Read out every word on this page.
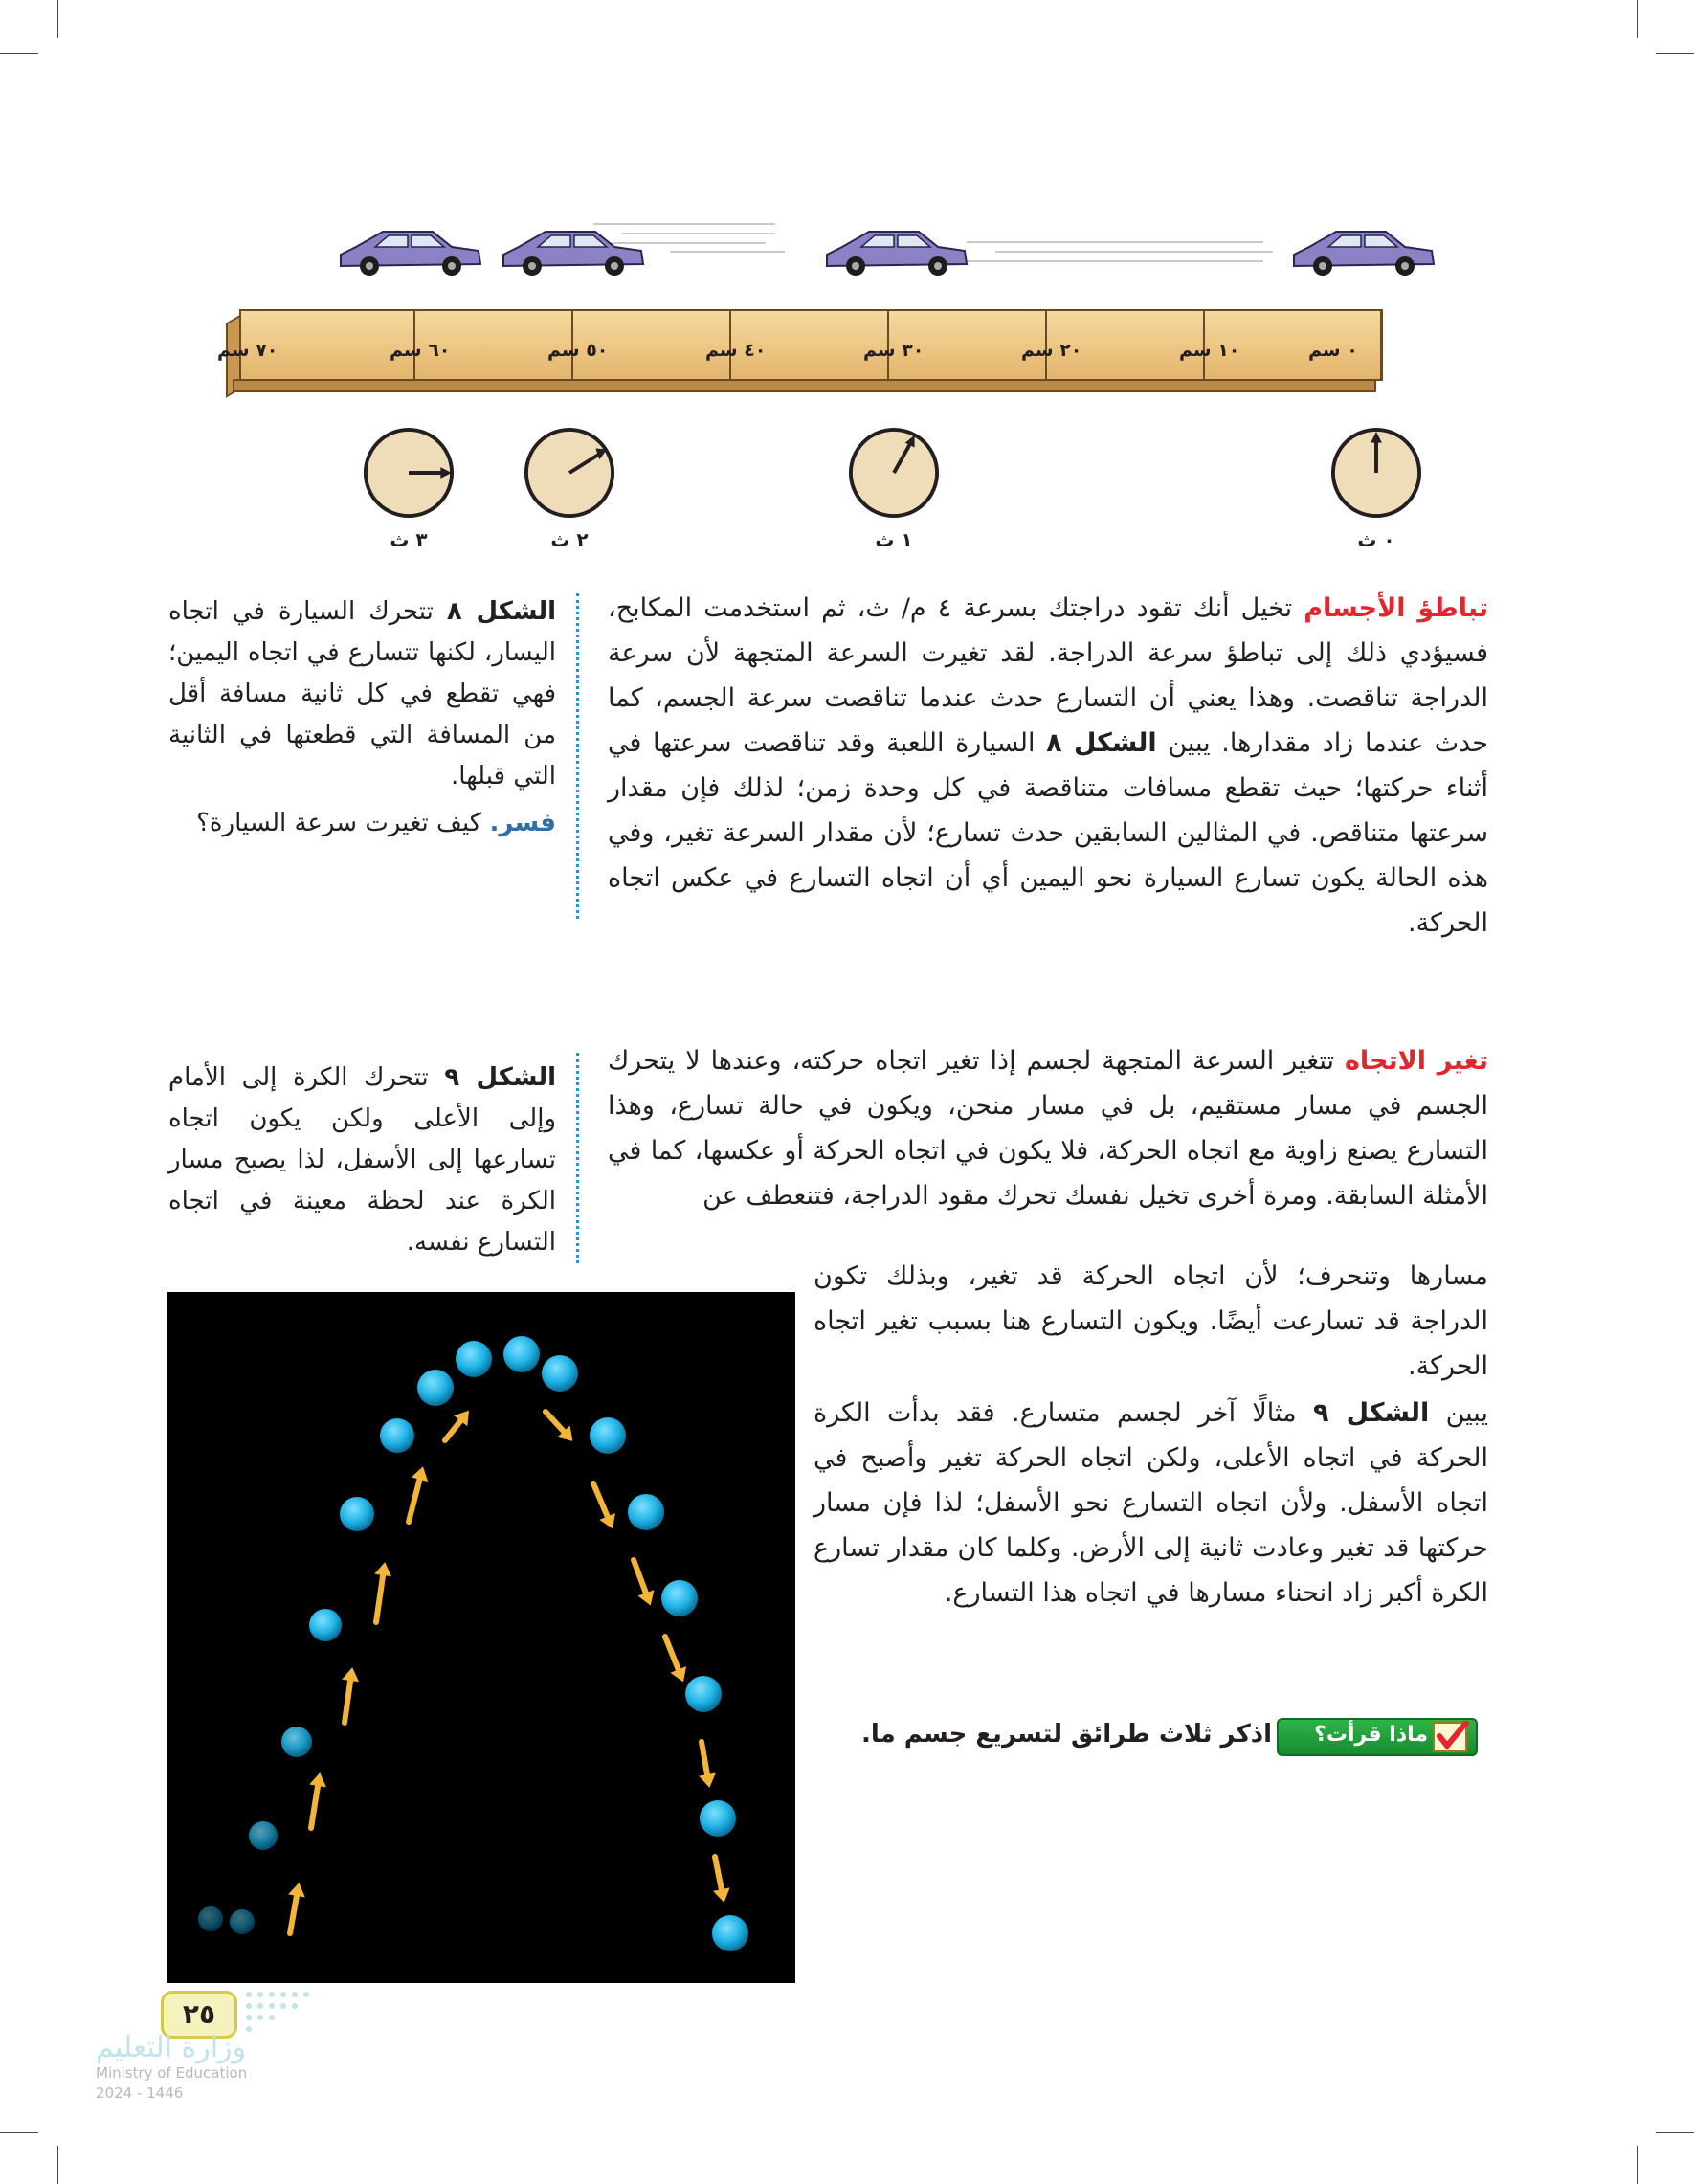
٠ سم
١٠ سم
٢٠ سم
٣٠ سم
٤٠ سم
٥٠ سم
٦٠ سم
٧٠ سم
٠ ث
١ ث
٢ ث
٣ ث
الشكل ٨ تتحرك السيارة في اتجاه اليسار، لكنها تتسارع في اتجاه اليمين؛ فهي تقطع في كل ثانية مسافة أقل من المسافة التي قطعتها في الثانية التي قبلها.
فسر. كيف تغيرت سرعة السيارة؟
الشكل ٩ تتحرك الكرة إلى الأمام وإلى الأعلى ولكن يكون اتجاه تسارعها إلى الأسفل، لذا يصبح مسار الكرة عند لحظة معينة في اتجاه التسارع نفسه.
تباطؤ الأجسام تخيل أنك تقود دراجتك بسرعة ٤ م/ ث، ثم استخدمت المكابح، فسيؤدي ذلك إلى تباطؤ سرعة الدراجة. لقد تغيرت السرعة المتجهة لأن سرعة الدراجة تناقصت. وهذا يعني أن التسارع حدث عندما تناقصت سرعة الجسم، كما حدث عندما زاد مقدارها. يبين الشكل ٨ السيارة اللعبة وقد تناقصت سرعتها في أثناء حركتها؛ حيث تقطع مسافات متناقصة في كل وحدة زمن؛ لذلك فإن مقدار سرعتها متناقص. في المثالين السابقين حدث تسارع؛ لأن مقدار السرعة تغير، وفي هذه الحالة يكون تسارع السيارة نحو اليمين أي أن اتجاه التسارع في عكس اتجاه الحركة.
تغير الاتجاه تتغير السرعة المتجهة لجسم إذا تغير اتجاه حركته، وعندها لا يتحرك الجسم في مسار مستقيم، بل في مسار منحن، ويكون في حالة تسارع، وهذا التسارع يصنع زاوية مع اتجاه الحركة، فلا يكون في اتجاه الحركة أو عكسها، كما في الأمثلة السابقة. ومرة أخرى تخيل نفسك تحرك مقود الدراجة، فتنعطف عن
مسارها وتنحرف؛ لأن اتجاه الحركة قد تغير، وبذلك تكون الدراجة قد تسارعت أيضًا. ويكون التسارع هنا بسبب تغير اتجاه الحركة.
يبين الشكل ٩ مثالًا آخر لجسم متسارع. فقد بدأت الكرة الحركة في اتجاه الأعلى، ولكن اتجاه الحركة تغير وأصبح في اتجاه الأسفل. ولأن اتجاه التسارع نحو الأسفل؛ لذا فإن مسار حركتها قد تغير وعادت ثانية إلى الأرض. وكلما كان مقدار تسارع الكرة أكبر زاد انحناء مسارها في اتجاه هذا التسارع.
ماذا قرأت؟
اذكر ثلاث طرائق لتسريع جسم ما.
٢٥
وزارة التعليم
Ministry of Education
2024 - 1446
